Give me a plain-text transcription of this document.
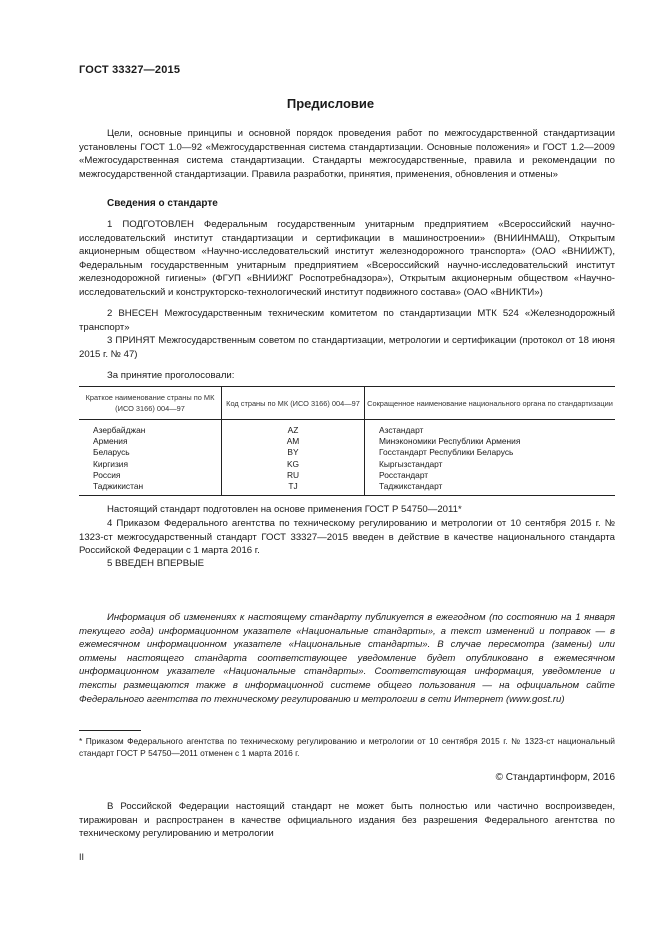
ГОСТ 33327—2015
Предисловие
Цели, основные принципы и основной порядок проведения работ по межгосударственной стандартизации установлены ГОСТ 1.0—92 «Межгосударственная система стандартизации. Основные положения» и ГОСТ 1.2—2009 «Межгосударственная система стандартизации. Стандарты межгосударственные, правила и рекомендации по межгосударственной стандартизации. Правила разработки, принятия, применения, обновления и отмены»
Сведения о стандарте
1 ПОДГОТОВЛЕН Федеральным государственным унитарным предприятием «Всероссийский научно-исследовательский институт стандартизации и сертификации в машиностроении» (ВНИИНМАШ), Открытым акционерным обществом «Научно-исследовательский институт железнодорожного транспорта» (ОАО «ВНИИЖТ), Федеральным государственным унитарным предприятием «Всероссийский научно-исследовательский институт железнодорожной гигиены» (ФГУП «ВНИИЖГ Роспотребнадзора»), Открытым акционерным обществом «Научно-исследовательский и конструкторско-технологический институт подвижного состава» (ОАО «ВНИКТИ»)
2 ВНЕСЕН Межгосударственным техническим комитетом по стандартизации МТК 524 «Железнодорожный транспорт»
3 ПРИНЯТ Межгосударственным советом по стандартизации, метрологии и сертификации (протокол от 18 июня 2015 г. № 47)
За принятие проголосовали:
Краткое наименование страны по МК (ИСО 3166) 004—97	Код страны по МК (ИСО 3166) 004—97	Сокращенное наименование национального органа по стандартизации
Азербайджан	AZ	Азстандарт
Армения	AM	Минэкономики Республики Армения
Беларусь	BY	Госстандарт Республики Беларусь
Киргизия	KG	Кыргызстандарт
Россия	RU	Росстандарт
Таджикистан	TJ	Таджикстандарт
Настоящий стандарт подготовлен на основе применения ГОСТ Р 54750—2011*
4 Приказом Федерального агентства по техническому регулированию и метрологии от 10 сентября 2015 г. № 1323-ст межгосударственный стандарт ГОСТ 33327—2015 введен в действие в качестве национального стандарта Российской Федерации с 1 марта 2016 г.
5 ВВЕДЕН ВПЕРВЫЕ
Информация об изменениях к настоящему стандарту публикуется в ежегодном (по состоянию на 1 января текущего года) информационном указателе «Национальные стандарты», а текст изменений и поправок — в ежемесячном информационном указателе «Национальные стандарты». В случае пересмотра (замены) или отмены настоящего стандарта соответствующее уведомление будет опубликовано в ежемесячном информационном указателе «Национальные стандарты». Соответствующая информация, уведомление и тексты размещаются также в информационной системе общего пользования — на официальном сайте Федерального агентства по техническому регулированию и метрологии в сети Интернет (www.gost.ru)
* Приказом Федерального агентства по техническому регулированию и метрологии от 10 сентября 2015 г. № 1323-ст национальный стандарт ГОСТ Р 54750—2011 отменен с 1 марта 2016 г.
© Стандартинформ, 2016
В Российской Федерации настоящий стандарт не может быть полностью или частично воспроизведен, тиражирован и распространен в качестве официального издания без разрешения Федерального агентства по техническому регулированию и метрологии
II
